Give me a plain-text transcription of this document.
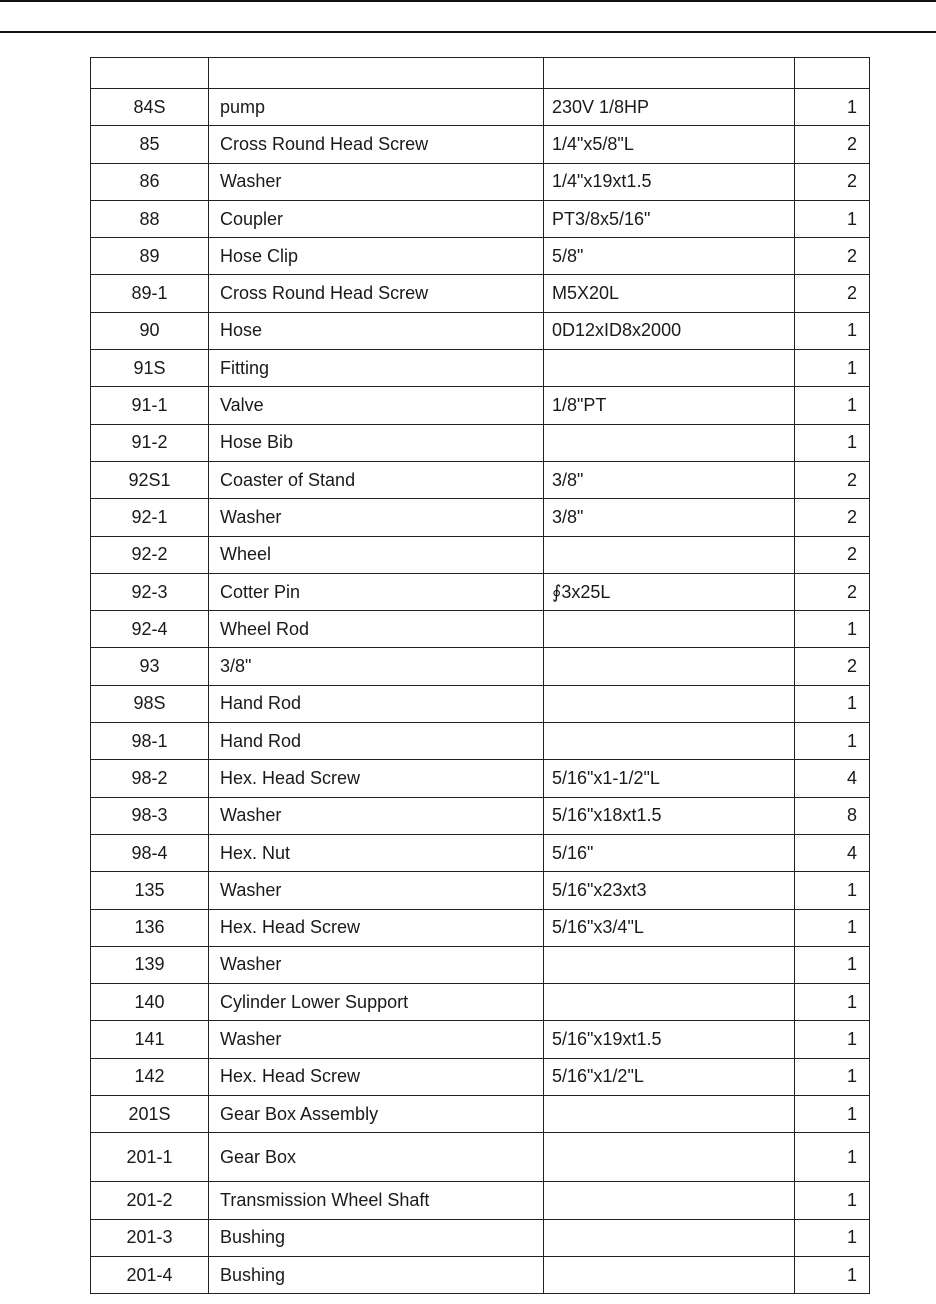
84S	pump	230V 1/8HP	1
85	Cross Round Head Screw	1/4"x5/8"L	2
86	Washer	1/4"x19xt1.5	2
88	Coupler	PT3/8x5/16"	1
89	Hose Clip	5/8"	2
89-1	Cross Round Head Screw	M5X20L	2
90	Hose	0D12xID8x2000	1
91S	Fitting		1
91-1	Valve	1/8"PT	1
91-2	Hose Bib		1
92S1	Coaster of Stand	3/8"	2
92-1	Washer	3/8"	2
92-2	Wheel		2
92-3	Cotter Pin	∮3x25L	2
92-4	Wheel Rod		1
93	3/8"		2
98S	Hand Rod		1
98-1	Hand Rod		1
98-2	Hex. Head Screw	5/16"x1-1/2"L	4
98-3	Washer	5/16"x18xt1.5	8
98-4	Hex. Nut	5/16"	4
135	Washer	5/16"x23xt3	1
136	Hex. Head Screw	5/16"x3/4"L	1
139	Washer		1
140	Cylinder Lower Support		1
141	Washer	5/16"x19xt1.5	1
142	Hex. Head Screw	5/16"x1/2"L	1
201S	Gear Box Assembly		1
201-1	Gear Box		1
201-2	Transmission Wheel Shaft		1
201-3	Bushing		1
201-4	Bushing		1
